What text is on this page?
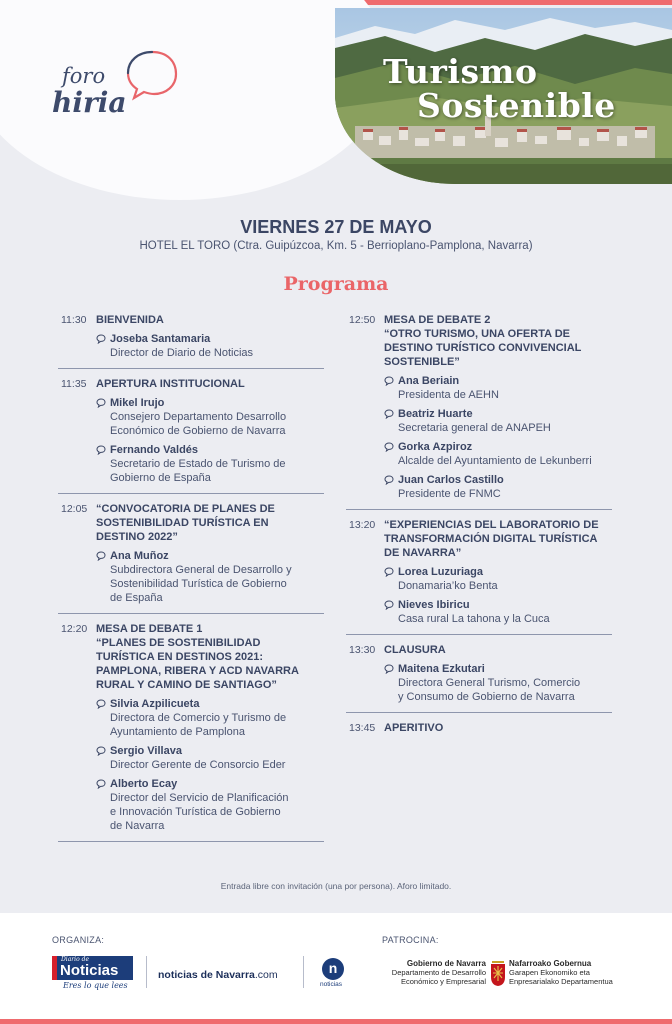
foro
hiria
Turismo
Sostenible
VIERNES 27 DE MAYO
HOTEL EL TORO (Ctra. Guipúzcoa, Km. 5 - Berrioplano-Pamplona, Navarra)
Programa
11:30 BIENVENIDA
Joseba Santamaria
Director de Diario de Noticias
11:35 APERTURA INSTITUCIONAL
Mikel Irujo
Consejero Departamento Desarrollo
Económico de Gobierno de Navarra
Fernando Valdés
Secretario de Estado de Turismo de
Gobierno de España
12:05 “CONVOCATORIA DE PLANES DE
SOSTENIBILIDAD TURÍSTICA EN
DESTINO 2022”
Ana Muñoz
Subdirectora General de Desarrollo y
Sostenibilidad Turística de Gobierno
de España
12:20 MESA DE DEBATE 1
“PLANES DE SOSTENIBILIDAD
TURÍSTICA EN DESTINOS 2021:
PAMPLONA, RIBERA Y ACD NAVARRA
RURAL Y CAMINO DE SANTIAGO”
Silvia Azpilicueta
Directora de Comercio y Turismo de
Ayuntamiento de Pamplona
Sergio Villava
Director Gerente de Consorcio Eder
Alberto Ecay
Director del Servicio de Planificación
e Innovación Turística de Gobierno
de Navarra
12:50 MESA DE DEBATE 2
“OTRO TURISMO, UNA OFERTA DE
DESTINO TURÍSTICO CONVIVENCIAL
SOSTENIBLE”
Ana Beriain
Presidenta de AEHN
Beatriz Huarte
Secretaria general de ANAPEH
Gorka Azpiroz
Alcalde del Ayuntamiento de Lekunberri
Juan Carlos Castillo
Presidente de FNMC
13:20 “EXPERIENCIAS DEL LABORATORIO DE
TRANSFORMACIÓN DIGITAL TURÍSTICA
DE NAVARRA”
Lorea Luzuriaga
Donamaria’ko Benta
Nieves Ibiricu
Casa rural La tahona y la Cuca
13:30 CLAUSURA
Maitena Ezkutari
Directora General Turismo, Comercio
y Consumo de Gobierno de Navarra
13:45 APERITIVO
Entrada libre con invitación (una por persona). Aforo limitado.
ORGANIZA:	PATROCINA:
Diario de
Noticias
Eres lo que lees
noticias de Navarra.com	n
noticias
Gobierno de Navarra
Departamento de Desarrollo
Económico y Empresarial
Nafarroako Gobernua
Garapen Ekonomiko eta
Enpresarialako Departamentua
